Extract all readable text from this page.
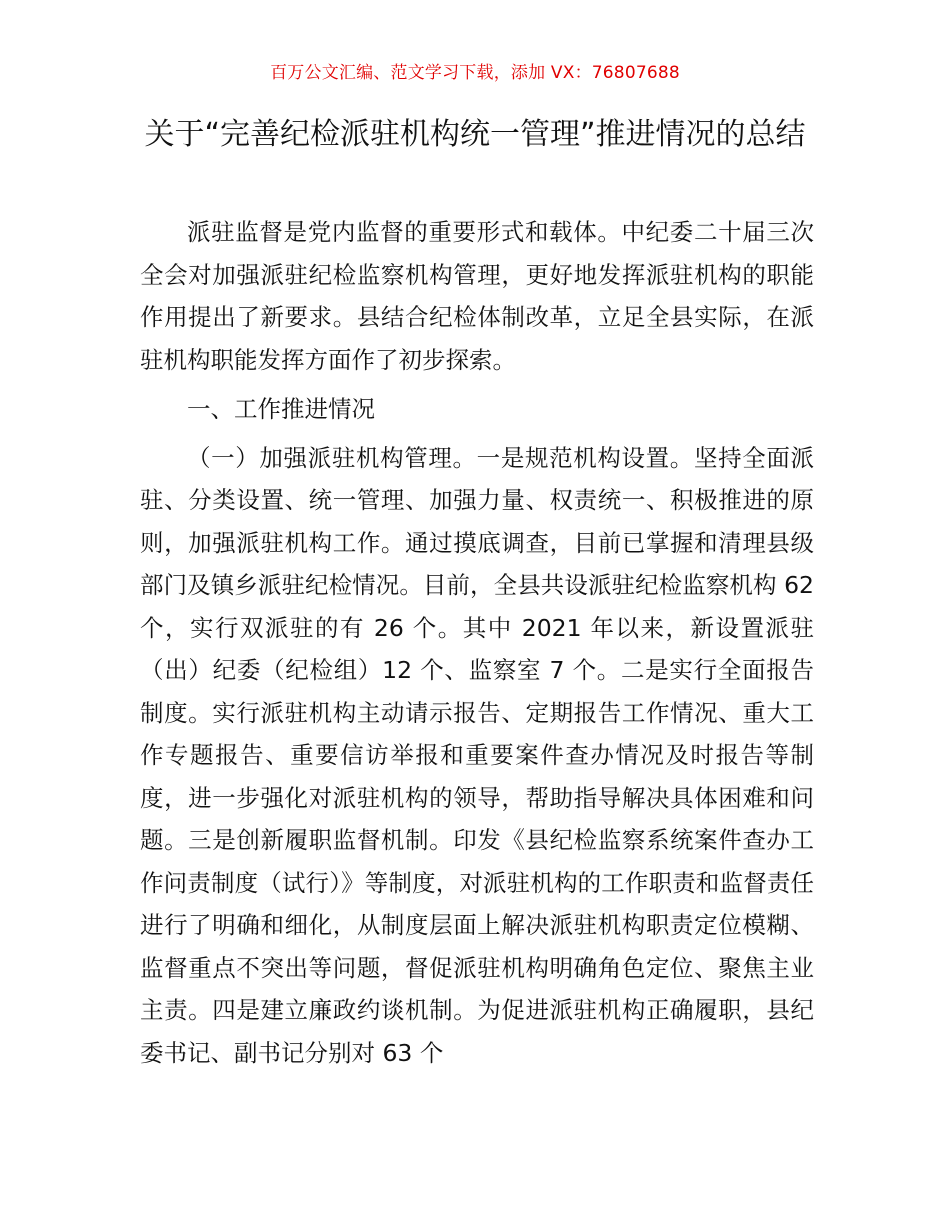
百万公文汇编、范文学习下载，添加 VX：76807688
关于“完善纪检派驻机构统一管理”推进情况的总结

派驻监督是党内监督的重要形式和载体。中纪委二十届三次全会对加强派驻纪检监察机构管理，更好地发挥派驻机构的职能作用提出了新要求。县结合纪检体制改革，立足全县实际，在派驻机构职能发挥方面作了初步探索。

一、工作推进情况

（一）加强派驻机构管理。一是规范机构设置。坚持全面派驻、分类设置、统一管理、加强力量、权责统一、积极推进的原则，加强派驻机构工作。通过摸底调查，目前已掌握和清理县级部门及镇乡派驻纪检情况。目前，全县共设派驻纪检监察机构 62 个，实行双派驻的有 26 个。其中 2021 年以来，新设置派驻（出）纪委（纪检组）12 个、监察室 7 个。二是实行全面报告制度。实行派驻机构主动请示报告、定期报告工作情况、重大工作专题报告、重要信访举报和重要案件查办情况及时报告等制度，进一步强化对派驻机构的领导，帮助指导解决具体困难和问题。三是创新履职监督机制。印发《县纪检监察系统案件查办工作问责制度（试行）》等制度，对派驻机构的工作职责和监督责任进行了明确和细化，从制度层面上解决派驻机构职责定位模糊、监督重点不突出等问题，督促派驻机构明确角色定位、聚焦主业主责。四是建立廉政约谈机制。为促进派驻机构正确履职，县纪委书记、副书记分别对 63 个
